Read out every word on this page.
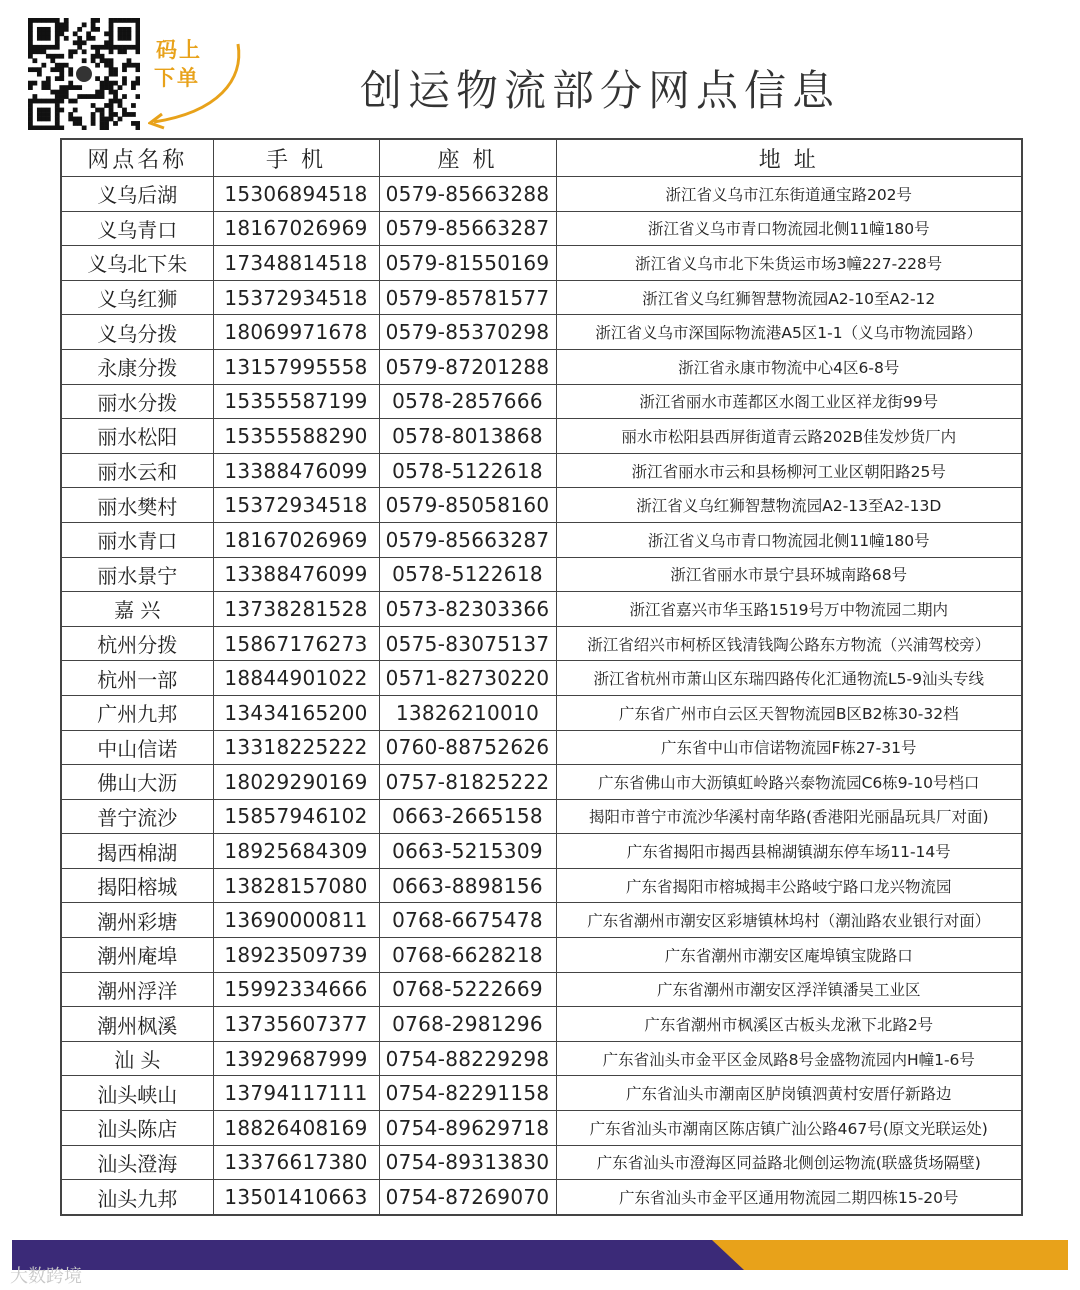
码上
下单	创运物流部分网点信息
网点名称	手 机	座 机	地 址
义乌后湖	15306894518	0579-85663288	浙江省义乌市江东街道通宝路202号
义乌青口	18167026969	0579-85663287	浙江省义乌市青口物流园北侧11幢180号
义乌北下朱	17348814518	0579-81550169	浙江省义乌市北下朱货运市场3幢227-228号
义乌红狮	15372934518	0579-85781577	浙江省义乌红狮智慧物流园A2-10至A2-12
义乌分拨	18069971678	0579-85370298	浙江省义乌市深国际物流港A5区1-1（义乌市物流园路）
永康分拨	13157995558	0579-87201288	浙江省永康市物流中心4区6-8号
丽水分拨	15355587199	0578-2857666	浙江省丽水市莲都区水阁工业区祥龙街99号
丽水松阳	15355588290	0578-8013868	丽水市松阳县西屏街道青云路202B佳发炒货厂内
丽水云和	13388476099	0578-5122618	浙江省丽水市云和县杨柳河工业区朝阳路25号
丽水樊村	15372934518	0579-85058160	浙江省义乌红狮智慧物流园A2-13至A2-13D
丽水青口	18167026969	0579-85663287	浙江省义乌市青口物流园北侧11幢180号
丽水景宁	13388476099	0578-5122618	浙江省丽水市景宁县环城南路68号
嘉 兴	13738281528	0573-82303366	浙江省嘉兴市华玉路1519号万中物流园二期内
杭州分拨	15867176273	0575-83075137	浙江省绍兴市柯桥区钱清钱陶公路东方物流（兴浦驾校旁）
杭州一部	18844901022	0571-82730220	浙江省杭州市萧山区东瑞四路传化汇通物流L5-9汕头专线
广州九邦	13434165200	13826210010	广东省广州市白云区天智物流园B区B2栋30-32档
中山信诺	13318225222	0760-88752626	广东省中山市信诺物流园F栋27-31号
佛山大沥	18029290169	0757-81825222	广东省佛山市大沥镇虹岭路兴泰物流园C6栋9-10号档口
普宁流沙	15857946102	0663-2665158	揭阳市普宁市流沙华溪村南华路(香港阳光丽晶玩具厂对面)
揭西棉湖	18925684309	0663-5215309	广东省揭阳市揭西县棉湖镇湖东停车场11-14号
揭阳榕城	13828157080	0663-8898156	广东省揭阳市榕城揭丰公路岐宁路口龙兴物流园
潮州彩塘	13690000811	0768-6675478	广东省潮州市潮安区彩塘镇林坞村（潮汕路农业银行对面）
潮州庵埠	18923509739	0768-6628218	广东省潮州市潮安区庵埠镇宝陇路口
潮州浮洋	15992334666	0768-5222669	广东省潮州市潮安区浮洋镇潘吴工业区
潮州枫溪	13735607377	0768-2981296	广东省潮州市枫溪区古板头龙湫下北路2号
汕 头	13929687999	0754-88229298	广东省汕头市金平区金凤路8号金盛物流园内H幢1-6号
汕头峡山	13794117111	0754-82291158	广东省汕头市潮南区胪岗镇泗黄村安厝仔新路边
汕头陈店	18826408169	0754-89629718	广东省汕头市潮南区陈店镇广汕公路467号(原文光联运处)
汕头澄海	13376617380	0754-89313830	广东省汕头市澄海区同益路北侧创运物流(联盛货场隔壁)
汕头九邦	13501410663	0754-87269070	广东省汕头市金平区通用物流园二期四栋15-20号
大数跨境
